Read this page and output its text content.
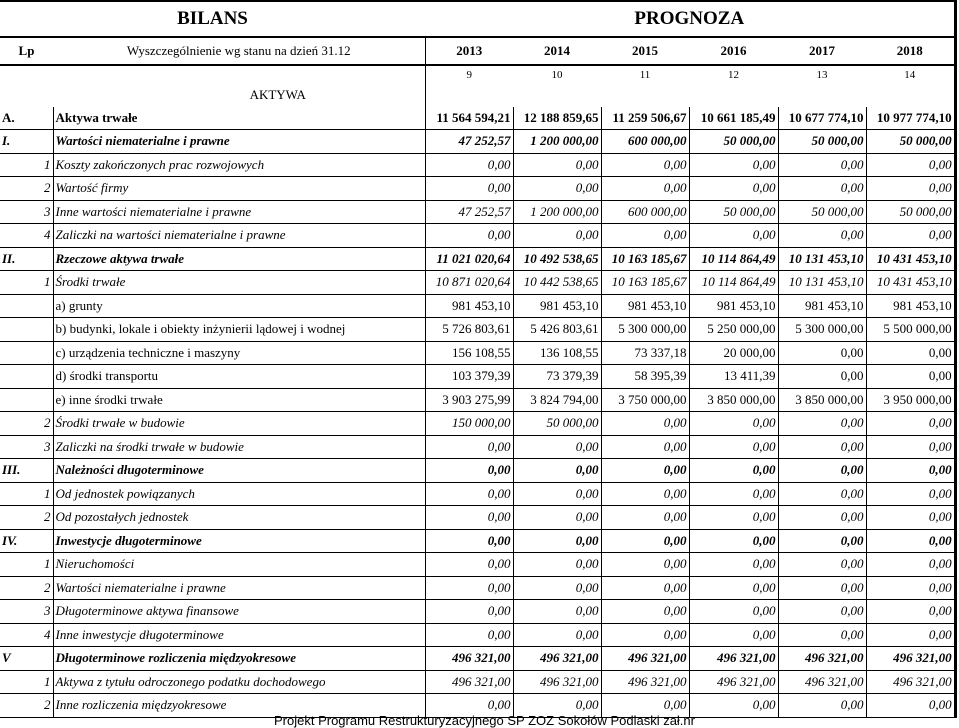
BILANS		PROGNOZA					
Lp	Wyszczególnienie wg stanu na dzień 31.12	2013	2014	2015	2016	2017	2018
		9	10	11	12	13	14
	AKTYWA						
A.	Aktywa trwałe	11 564 594,21	12 188 859,65	11 259 506,67	10 661 185,49	10 677 774,10	10 977 774,10
I.	Wartości niematerialne i prawne	47 252,57	1 200 000,00	600 000,00	50 000,00	50 000,00	50 000,00
1	Koszty zakończonych prac rozwojowych	0,00	0,00	0,00	0,00	0,00	0,00
2	Wartość firmy	0,00	0,00	0,00	0,00	0,00	0,00
3	Inne wartości niematerialne i prawne	47 252,57	1 200 000,00	600 000,00	50 000,00	50 000,00	50 000,00
4	Zaliczki na wartości niematerialne i prawne	0,00	0,00	0,00	0,00	0,00	0,00
II.	Rzeczowe aktywa trwałe	11 021 020,64	10 492 538,65	10 163 185,67	10 114 864,49	10 131 453,10	10 431 453,10
1	Środki trwałe	10 871 020,64	10 442 538,65	10 163 185,67	10 114 864,49	10 131 453,10	10 431 453,10
	a) grunty	981 453,10	981 453,10	981 453,10	981 453,10	981 453,10	981 453,10
	b) budynki, lokale i obiekty inżynierii lądowej i wodnej	5 726 803,61	5 426 803,61	5 300 000,00	5 250 000,00	5 300 000,00	5 500 000,00
	c) urządzenia techniczne i maszyny	156 108,55	136 108,55	73 337,18	20 000,00	0,00	0,00
	d) środki transportu	103 379,39	73 379,39	58 395,39	13 411,39	0,00	0,00
	e) inne środki trwałe	3 903 275,99	3 824 794,00	3 750 000,00	3 850 000,00	3 850 000,00	3 950 000,00
2	Środki trwałe w budowie	150 000,00	50 000,00	0,00	0,00	0,00	0,00
3	Zaliczki na środki trwałe w budowie	0,00	0,00	0,00	0,00	0,00	0,00
III.	Należności długoterminowe	0,00	0,00	0,00	0,00	0,00	0,00
1	Od jednostek powiązanych	0,00	0,00	0,00	0,00	0,00	0,00
2	Od pozostałych jednostek	0,00	0,00	0,00	0,00	0,00	0,00
IV.	Inwestycje długoterminowe	0,00	0,00	0,00	0,00	0,00	0,00
1	Nieruchomości	0,00	0,00	0,00	0,00	0,00	0,00
2	Wartości niematerialne i prawne	0,00	0,00	0,00	0,00	0,00	0,00
3	Długoterminowe aktywa finansowe	0,00	0,00	0,00	0,00	0,00	0,00
4	Inne inwestycje długoterminowe	0,00	0,00	0,00	0,00	0,00	0,00
V	Długoterminowe rozliczenia międzyokresowe	496 321,00	496 321,00	496 321,00	496 321,00	496 321,00	496 321,00
1	Aktywa z tytułu odroczonego podatku dochodowego	496 321,00	496 321,00	496 321,00	496 321,00	496 321,00	496 321,00
2	Inne rozliczenia międzyokresowe	0,00	0,00	0,00	0,00	0,00	0,00
Projekt Programu Restrukturyzacyjnego SP ZOZ Sokołów Podlaski zał.nr
